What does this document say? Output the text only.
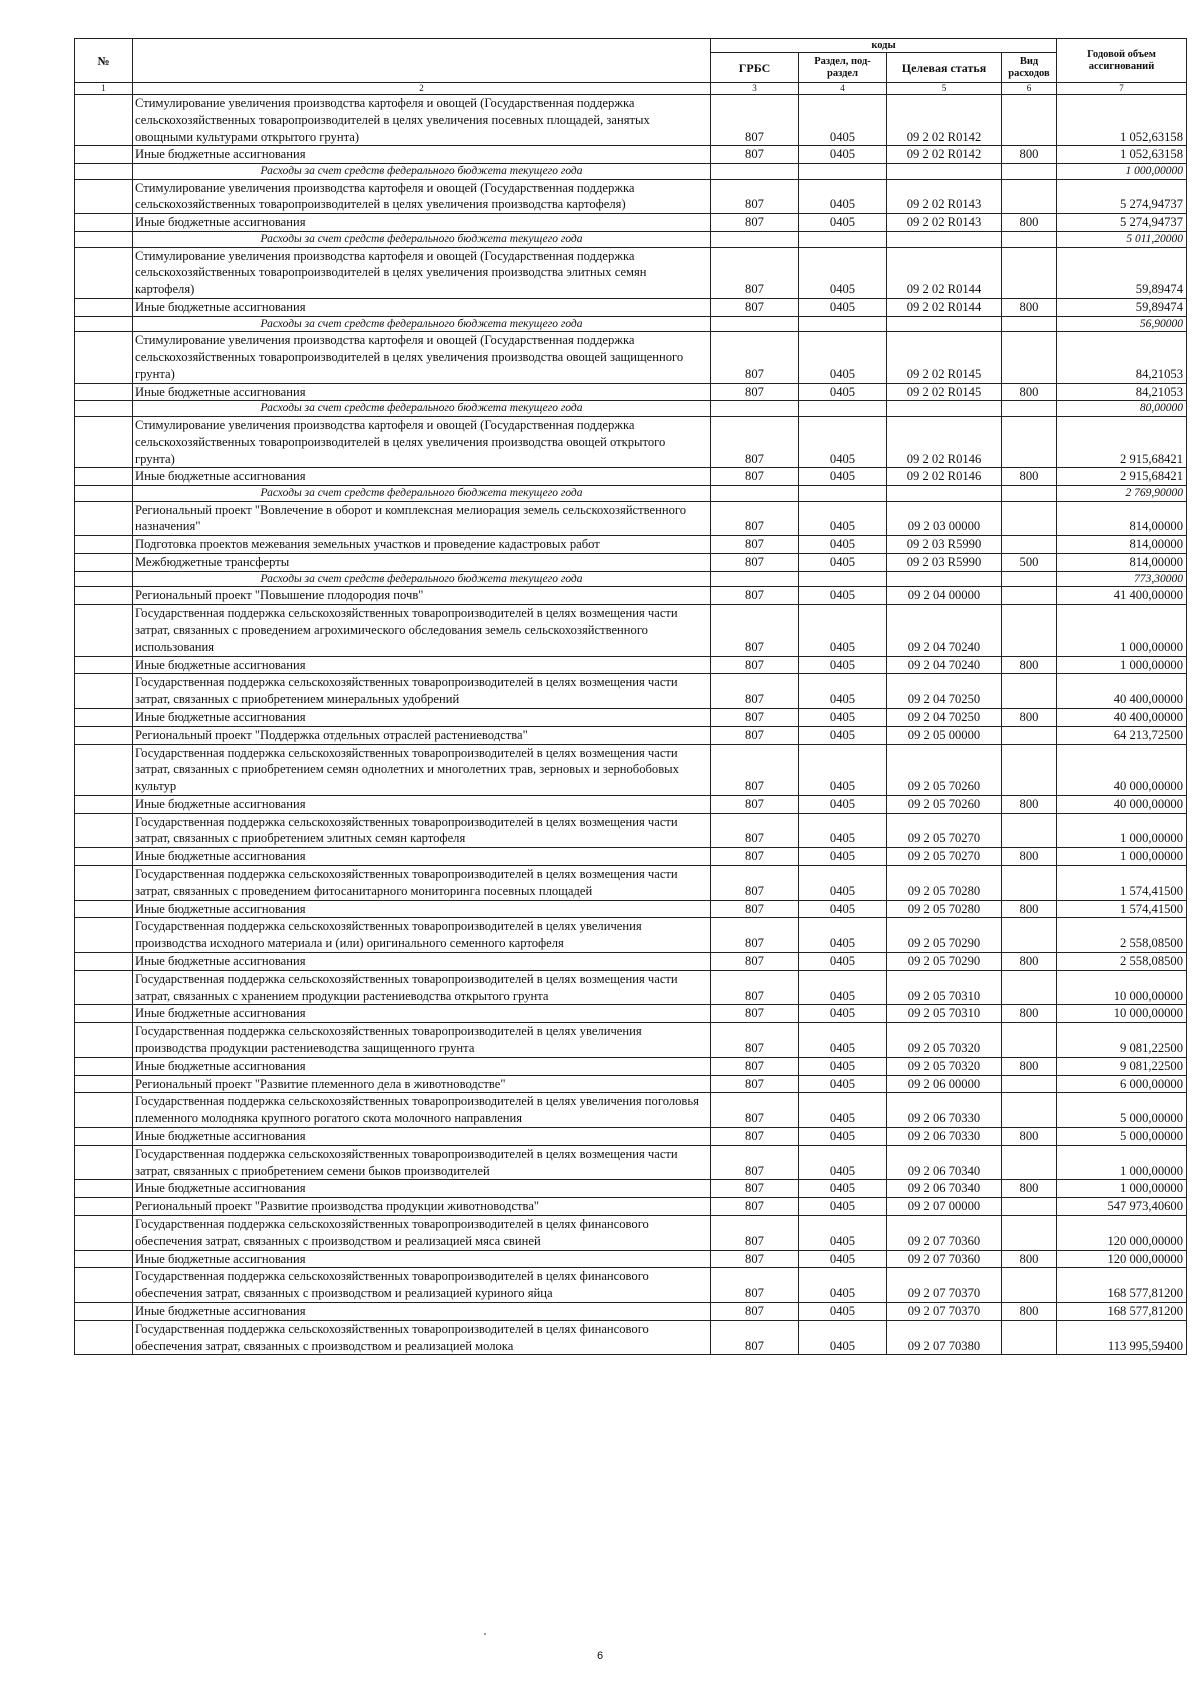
№		коды				Годовой объем ассигнований
		ГРБС	Раздел, под-раздел	Целевая статья	Вид расходов	
1	2	3	4	5	6	7
	Стимулирование увеличения производства картофеля и овощей (Государственная поддержка сельскохозяйственных товаропроизводителей в целях увеличения посевных площадей, занятых овощными культурами открытого грунта)	807	0405	09 2 02 R0142		1 052,63158
	Иные бюджетные ассигнования	807	0405	09 2 02 R0142	800	1 052,63158
	Расходы за счет средств федерального бюджета текущего года					1 000,00000
	Стимулирование увеличения производства картофеля и овощей (Государственная поддержка сельскохозяйственных товаропроизводителей в целях увеличения производства картофеля)	807	0405	09 2 02 R0143		5 274,94737
	Иные бюджетные ассигнования	807	0405	09 2 02 R0143	800	5 274,94737
	Расходы за счет средств федерального бюджета текущего года					5 011,20000
	Стимулирование увеличения производства картофеля и овощей (Государственная поддержка сельскохозяйственных товаропроизводителей в целях увеличения производства элитных семян картофеля)	807	0405	09 2 02 R0144		59,89474
	Иные бюджетные ассигнования	807	0405	09 2 02 R0144	800	59,89474
	Расходы за счет средств федерального бюджета текущего года					56,90000
	Стимулирование увеличения производства картофеля и овощей (Государственная поддержка сельскохозяйственных товаропроизводителей в целях увеличения производства овощей защищенного грунта)	807	0405	09 2 02 R0145		84,21053
	Иные бюджетные ассигнования	807	0405	09 2 02 R0145	800	84,21053
	Расходы за счет средств федерального бюджета текущего года					80,00000
	Стимулирование увеличения производства картофеля и овощей (Государственная поддержка сельскохозяйственных товаропроизводителей в целях увеличения производства овощей открытого грунта)	807	0405	09 2 02 R0146		2 915,68421
	Иные бюджетные ассигнования	807	0405	09 2 02 R0146	800	2 915,68421
	Расходы за счет средств федерального бюджета текущего года					2 769,90000
	Региональный проект "Вовлечение в оборот и комплексная мелиорация земель сельскохозяйственного назначения"	807	0405	09 2 03 00000		814,00000
	Подготовка проектов межевания земельных участков и проведение кадастровых работ	807	0405	09 2 03 R5990		814,00000
	Межбюджетные трансферты	807	0405	09 2 03 R5990	500	814,00000
	Расходы за счет средств федерального бюджета текущего года					773,30000
	Региональный проект "Повышение плодородия почв"	807	0405	09 2 04 00000		41 400,00000
	Государственная поддержка сельскохозяйственных товаропроизводителей в целях возмещения части затрат, связанных с проведением агрохимического обследования земель сельскохозяйственного использования	807	0405	09 2 04 70240		1 000,00000
	Иные бюджетные ассигнования	807	0405	09 2 04 70240	800	1 000,00000
	Государственная поддержка сельскохозяйственных товаропроизводителей в целях возмещения части затрат, связанных с приобретением минеральных удобрений	807	0405	09 2 04 70250		40 400,00000
	Иные бюджетные ассигнования	807	0405	09 2 04 70250	800	40 400,00000
	Региональный проект "Поддержка отдельных отраслей растениеводства"	807	0405	09 2 05 00000		64 213,72500
	Государственная поддержка сельскохозяйственных товаропроизводителей в целях возмещения части затрат, связанных с приобретением семян однолетних и многолетних трав, зерновых и зернобобовых культур	807	0405	09 2 05 70260		40 000,00000
	Иные бюджетные ассигнования	807	0405	09 2 05 70260	800	40 000,00000
	Государственная поддержка сельскохозяйственных товаропроизводителей в целях возмещения части затрат, связанных с приобретением элитных семян картофеля	807	0405	09 2 05 70270		1 000,00000
	Иные бюджетные ассигнования	807	0405	09 2 05 70270	800	1 000,00000
	Государственная поддержка сельскохозяйственных товаропроизводителей в целях возмещения части затрат, связанных с проведением фитосанитарного мониторинга посевных площадей	807	0405	09 2 05 70280		1 574,41500
	Иные бюджетные ассигнования	807	0405	09 2 05 70280	800	1 574,41500
	Государственная поддержка сельскохозяйственных товаропроизводителей в целях увеличения производства исходного материала и (или) оригинального семенного картофеля	807	0405	09 2 05 70290		2 558,08500
	Иные бюджетные ассигнования	807	0405	09 2 05 70290	800	2 558,08500
	Государственная поддержка сельскохозяйственных товаропроизводителей в целях возмещения части затрат, связанных с хранением продукции растениеводства открытого грунта	807	0405	09 2 05 70310		10 000,00000
	Иные бюджетные ассигнования	807	0405	09 2 05 70310	800	10 000,00000
	Государственная поддержка сельскохозяйственных товаропроизводителей в целях увеличения производства продукции растениеводства защищенного грунта	807	0405	09 2 05 70320		9 081,22500
	Иные бюджетные ассигнования	807	0405	09 2 05 70320	800	9 081,22500
	Региональный проект "Развитие племенного дела в животноводстве"	807	0405	09 2 06 00000		6 000,00000
	Государственная поддержка сельскохозяйственных товаропроизводителей в целях увеличения поголовья племенного молодняка крупного рогатого скота молочного направления	807	0405	09 2 06 70330		5 000,00000
	Иные бюджетные ассигнования	807	0405	09 2 06 70330	800	5 000,00000
	Государственная поддержка сельскохозяйственных товаропроизводителей в целях возмещения части затрат, связанных с приобретением семени быков производителей	807	0405	09 2 06 70340		1 000,00000
	Иные бюджетные ассигнования	807	0405	09 2 06 70340	800	1 000,00000
	Региональный проект "Развитие производства продукции животноводства"	807	0405	09 2 07 00000		547 973,40600
	Государственная поддержка сельскохозяйственных товаропроизводителей в целях финансового обеспечения затрат, связанных с производством и реализацией мяса свиней	807	0405	09 2 07 70360		120 000,00000
	Иные бюджетные ассигнования	807	0405	09 2 07 70360	800	120 000,00000
	Государственная поддержка сельскохозяйственных товаропроизводителей в целях финансового обеспечения затрат, связанных с производством и реализацией куриного яйца	807	0405	09 2 07 70370		168 577,81200
	Иные бюджетные ассигнования	807	0405	09 2 07 70370	800	168 577,81200
	Государственная поддержка сельскохозяйственных товаропроизводителей в целях финансового обеспечения затрат, связанных с производством и реализацией молока	807	0405	09 2 07 70380		113 995,59400
6
